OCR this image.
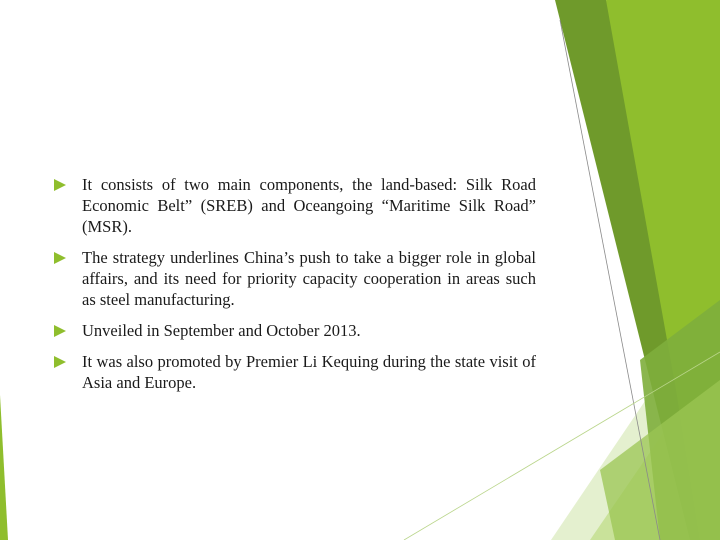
It consists of two main components, the land-based: Silk Road Economic Belt” (SREB) and Oceangoing “Maritime Silk Road” (MSR).
The strategy underlines China’s push to take a bigger role in global affairs, and its need for priority capacity cooperation in areas such as steel manufacturing.
Unveiled in September and October 2013.
It was also promoted by Premier Li Kequing during the state visit of Asia and Europe.
